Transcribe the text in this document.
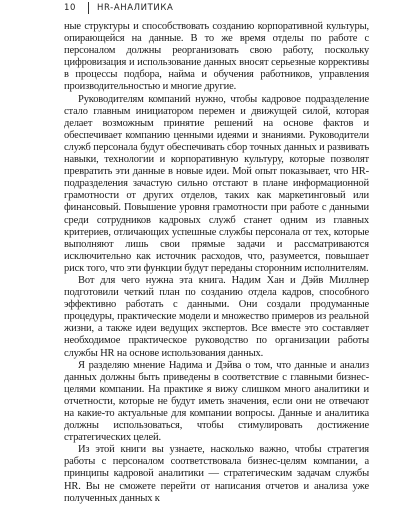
10 HR-АНАЛИТИКА

ные структуры и способствовать созданию корпоративной культуры, опирающейся на данные. В то же время отделы по работе с персоналом должны реорганизовать свою работу, поскольку цифровизация и использование данных вносят серьезные коррективы в процессы подбора, найма и обучения работников, управления производительностью и многие другие.

Руководителям компаний нужно, чтобы кадровое подразделение стало главным инициатором перемен и движущей силой, которая делает возможным принятие решений на основе фактов и обеспечивает компанию ценными идеями и знаниями. Руководители служб персонала будут обеспечивать сбор точных данных и развивать навыки, технологии и корпоративную культуру, которые позволят превратить эти данные в новые идеи. Мой опыт показывает, что HR-подразделения зачастую сильно отстают в плане информационной грамотности от других отделов, таких как маркетинговый или финансовый. Повышение уровня грамотности при работе с данными среди сотрудников кадровых служб станет одним из главных критериев, отличающих успешные службы персонала от тех, которые выполняют лишь свои прямые задачи и рассматриваются исключительно как источник расходов, что, разумеется, повышает риск того, что эти функции будут переданы сторонним исполнителям.

Вот для чего нужна эта книга. Надим Хан и Дэйв Миллнер подготовили четкий план по созданию отдела кадров, способного эффективно работать с данными. Они создали продуманные процедуры, практические модели и множество примеров из реальной жизни, а также идеи ведущих экспертов. Все вместе это составляет необходимое практическое руководство по организации работы службы HR на основе использования данных.

Я разделяю мнение Надима и Дэйва о том, что данные и анализ данных должны быть приведены в соответствие с главными бизнес-целями компании. На практике я вижу слишком много аналитики и отчетности, которые не будут иметь значения, если они не отвечают на какие-то актуальные для компании вопросы. Данные и аналитика должны использоваться, чтобы стимулировать достижение стратегических целей.

Из этой книги вы узнаете, насколько важно, чтобы стратегия работы с персоналом соответствовала бизнес-целям компании, а принципы кадровой аналитики — стратегическим задачам службы HR. Вы не сможете перейти от написания отчетов и анализа уже полученных данных к
